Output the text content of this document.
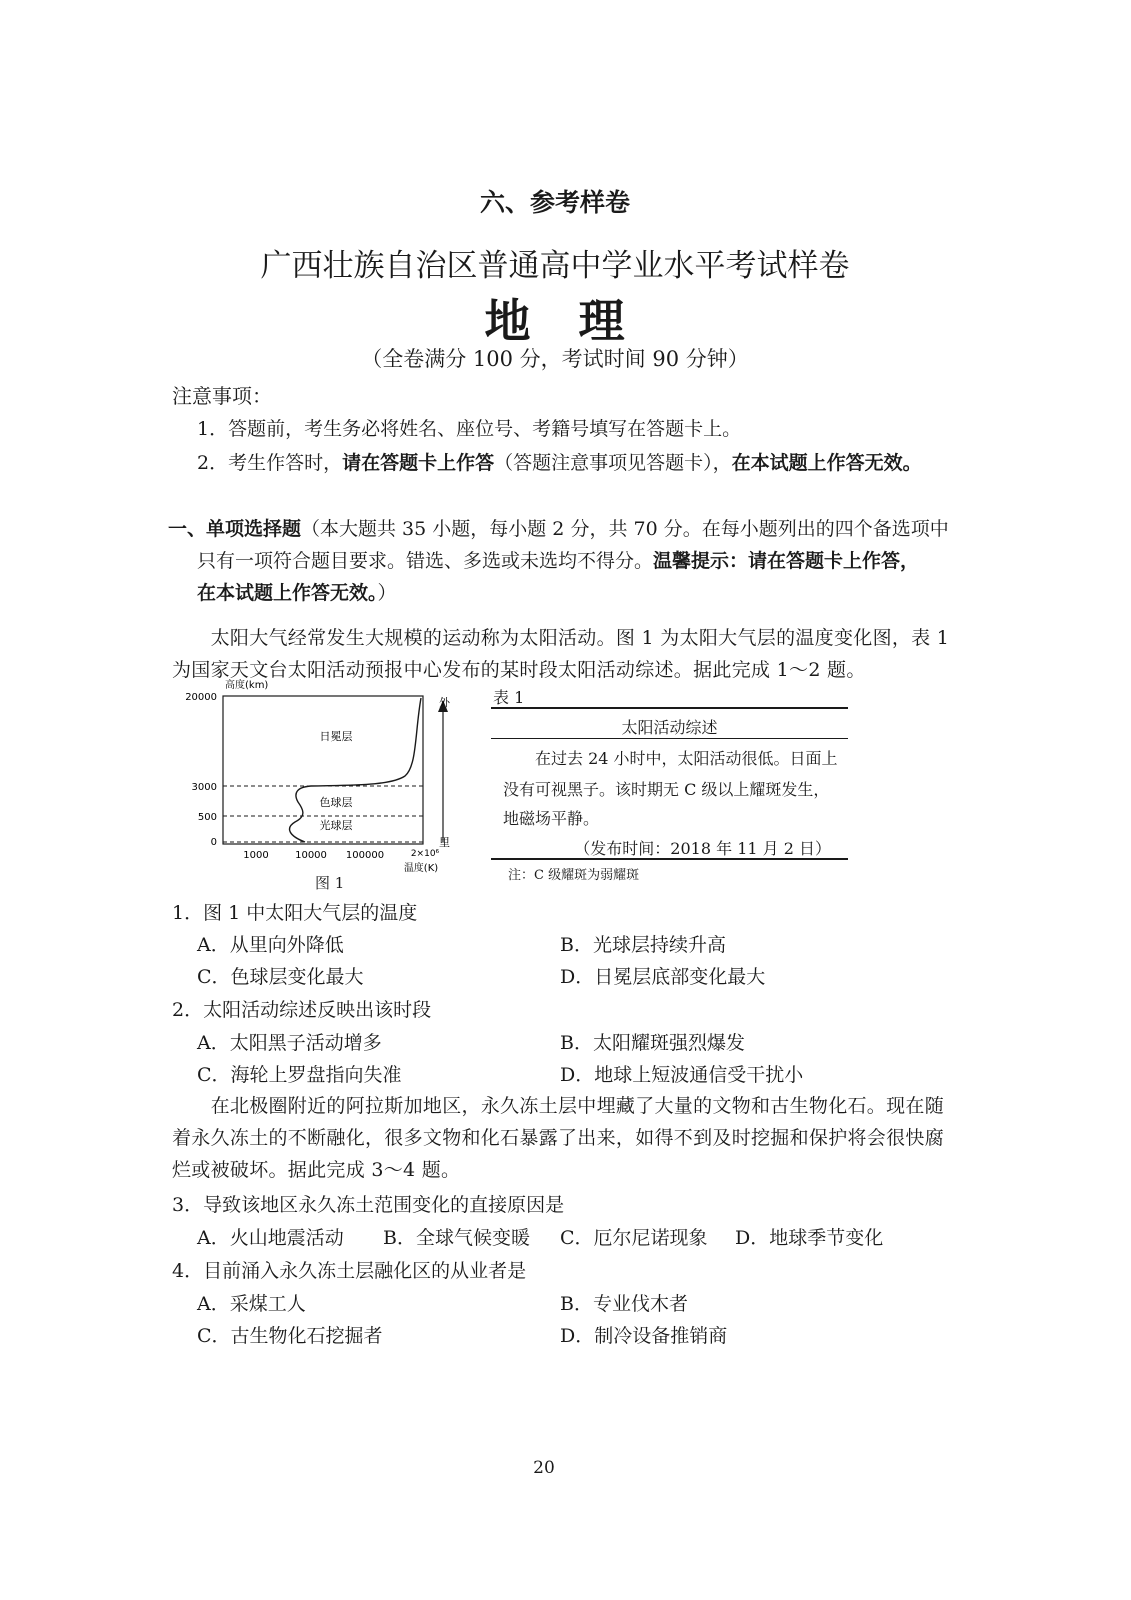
六、参考样卷
广西壮族自治区普通高中学业水平考试样卷
地　理
（全卷满分 100 分，考试时间 90 分钟）
注意事项：
1．答题前，考生务必将姓名、座位号、考籍号填写在答题卡上。
2．考生作答时，请在答题卡上作答（答题注意事项见答题卡），在本试题上作答无效。
一、单项选择题（本大题共 35 小题，每小题 2 分，共 70 分。在每小题列出的四个备选项中
只有一项符合题目要求。错选、多选或未选均不得分。温馨提示：请在答题卡上作答，
在本试题上作答无效。）
　　太阳大气经常发生大规模的运动称为太阳活动。图 1 为太阳大气层的温度变化图，表 1
为国家天文台太阳活动预报中心发布的某时段太阳活动综述。据此完成 1～2 题。
高度(km)
20000
3000
500
0
日冕层
色球层
光球层
1000	10000 100000	2×10⁶
温度(K)
外
里
图 1
表 1
太阳活动综述
在过去 24 小时中，太阳活动很低。日面上
没有可视黑子。该时期无 C 级以上耀斑发生，
地磁场平静。
（发布时间：2018 年 11 月 2 日）
注：C 级耀斑为弱耀斑
1．图 1 中太阳大气层的温度
A．从里向外降低	B．光球层持续升高
C．色球层变化最大	D．日冕层底部变化最大
2．太阳活动综述反映出该时段
A．太阳黑子活动增多	B．太阳耀斑强烈爆发
C．海轮上罗盘指向失准	D．地球上短波通信受干扰小
　　在北极圈附近的阿拉斯加地区，永久冻土层中埋藏了大量的文物和古生物化石。现在随
着永久冻土的不断融化，很多文物和化石暴露了出来，如得不到及时挖掘和保护将会很快腐
烂或被破坏。据此完成 3～4 题。
3．导致该地区永久冻土范围变化的直接原因是
A．火山地震活动 B．全球气候变暖 C．厄尔尼诺现象 D．地球季节变化
4．目前涌入永久冻土层融化区的从业者是
A．采煤工人	B．专业伐木者
C．古生物化石挖掘者	D．制冷设备推销商
20
